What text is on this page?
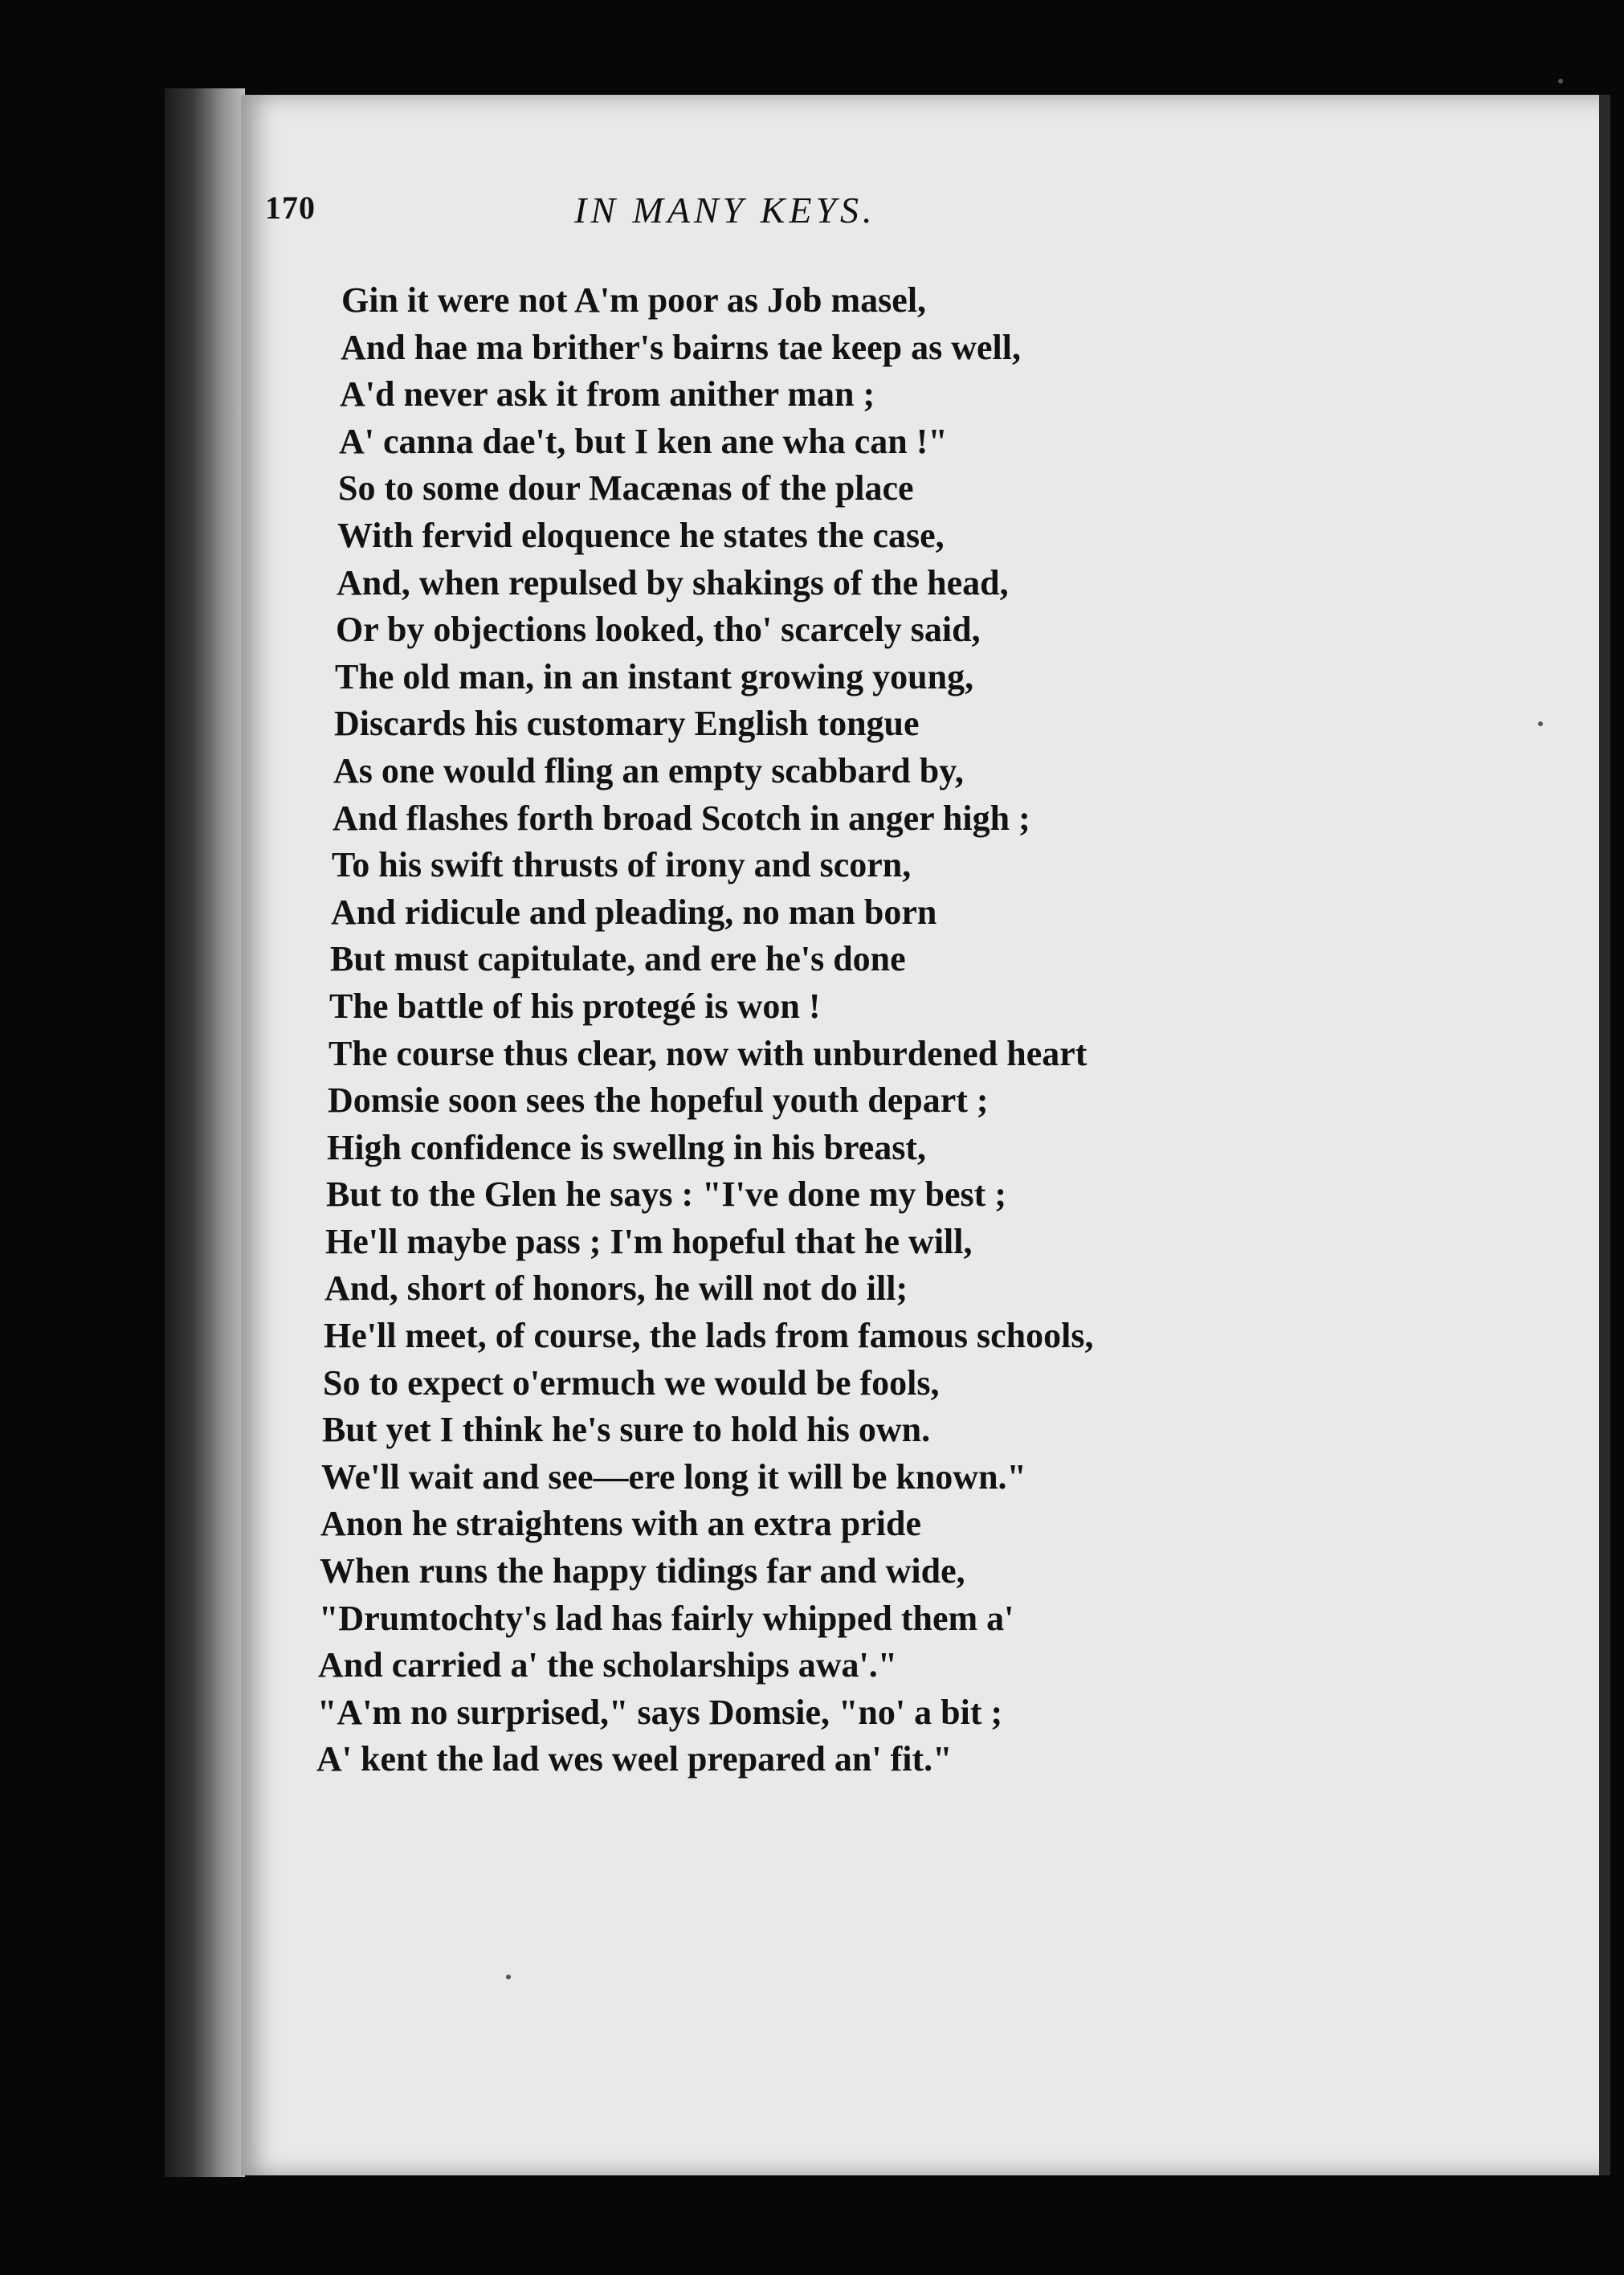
170	IN MANY KEYS.
Gin it were not A'm poor as Job masel,
And hae ma brither's bairns tae keep as well,
A'd never ask it from anither man ;
A' canna dae't, but I ken ane wha can !"
So to some dour Macænas of the place
With fervid eloquence he states the case,
And, when repulsed by shakings of the head,
Or by objections looked, tho' scarcely said,
The old man, in an instant growing young,
Discards his customary English tongue
As one would fling an empty scabbard by,
And flashes forth broad Scotch in anger high ;
To his swift thrusts of irony and scorn,
And ridicule and pleading, no man born
But must capitulate, and ere he's done
The battle of his protegé is won !
The course thus clear, now with unburdened heart
Domsie soon sees the hopeful youth depart ;
High confidence is swellng in his breast,
But to the Glen he says : "I've done my best ;
He'll maybe pass ; I'm hopeful that he will,
And, short of honors, he will not do ill;
He'll meet, of course, the lads from famous schools,
So to expect o'ermuch we would be fools,
But yet I think he's sure to hold his own.
We'll wait and see—ere long it will be known."
Anon he straightens with an extra pride
When runs the happy tidings far and wide,
"Drumtochty's lad has fairly whipped them a'
And carried a' the scholarships awa'."
"A'm no surprised," says Domsie, "no' a bit ;
A' kent the lad wes weel prepared an' fit."
